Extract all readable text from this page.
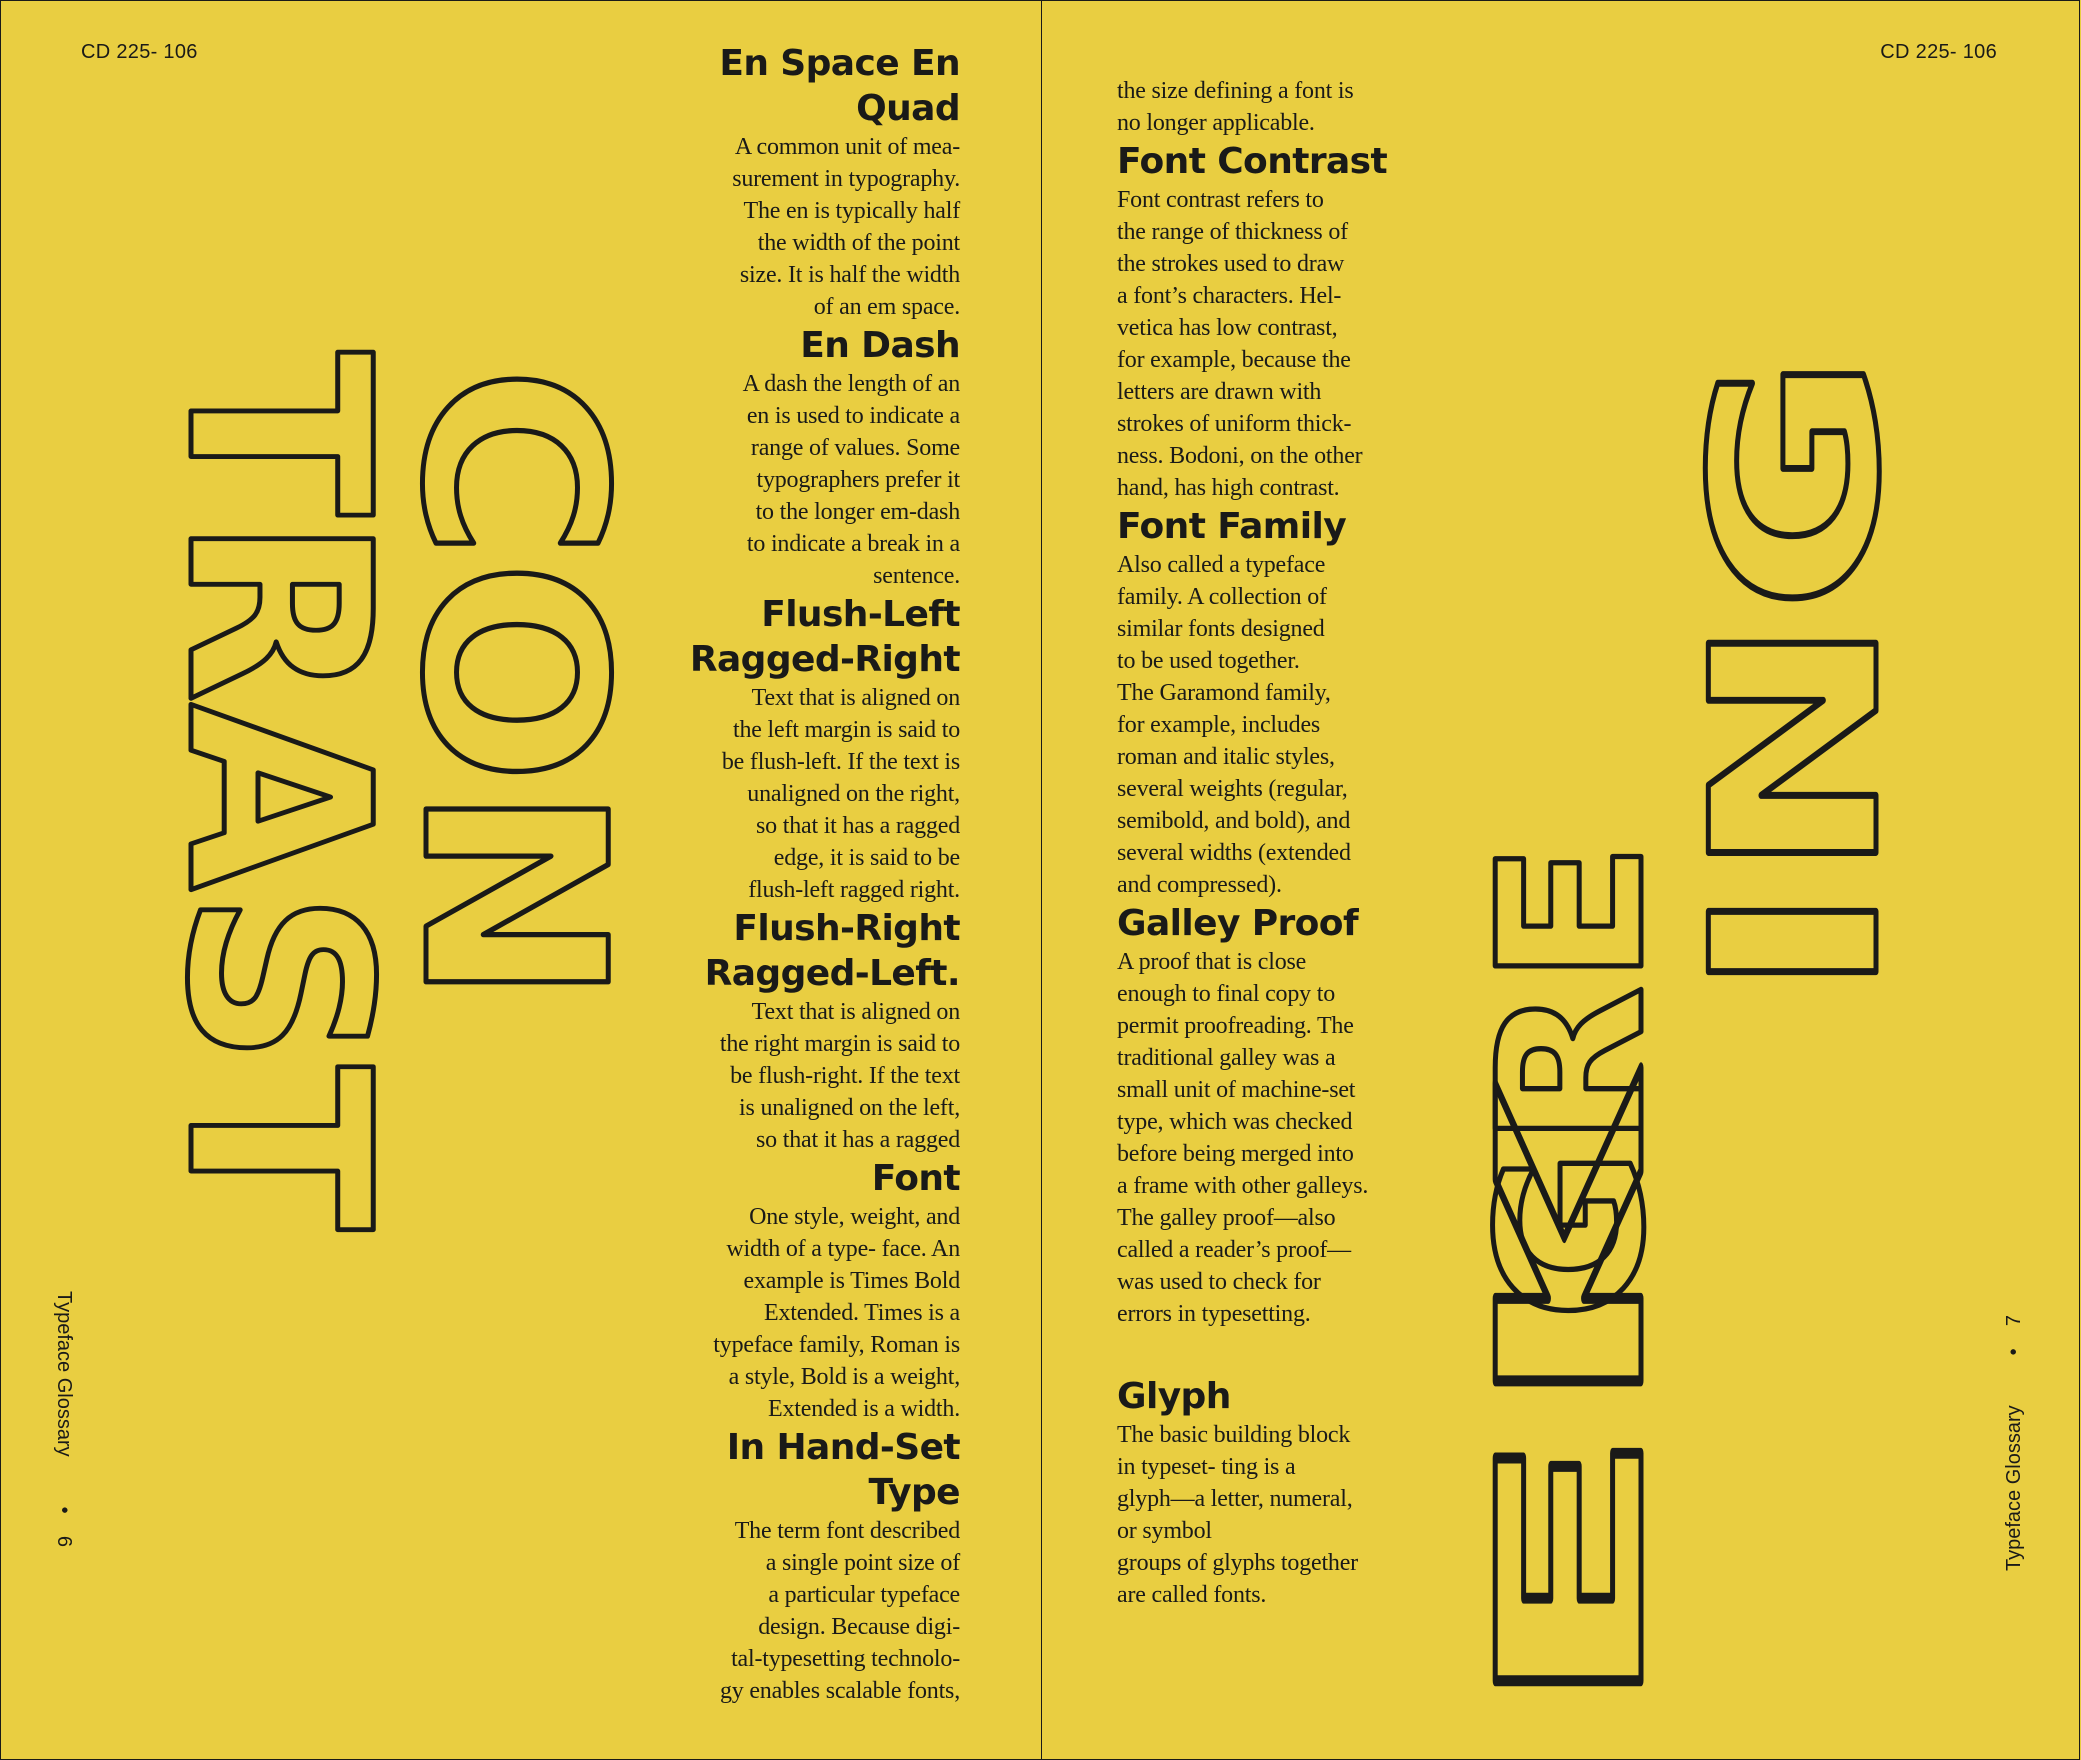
CD 225- 106	CD 225- 106
CON
TRAST	GRE
EK
ING
En Space En
Quad
A common unit of mea-
surement in typography.
The en is typically half
the width of the point
size. It is half the width
of an em space.
En Dash
A dash the length of an
en is used to indicate a
range of values. Some
typographers prefer it
to the longer em-dash
to indicate a break in a
sentence.
Flush-Left
Ragged-Right
Text that is aligned on
the left margin is said to
be flush-left. If the text is
unaligned on the right,
so that it has a ragged
edge, it is said to be
flush-left ragged right.
Flush-Right
Ragged-Left.
Text that is aligned on
the right margin is said to
be flush-right. If the text
is unaligned on the left,
so that it has a ragged
Font
One style, weight, and
width of a type- face. An
example is Times Bold
Extended. Times is a
typeface family, Roman is
a style, Bold is a weight,
Extended is a width.
In Hand-Set
Type
The term font described
a single point size of
a particular typeface
design. Because digi-
tal-typesetting technolo-
gy enables scalable fonts,
the size defining a font is
no longer applicable.
Font Contrast
Font contrast refers to
the range of thickness of
the strokes used to draw
a font’s characters. Hel-
vetica has low contrast,
for example, because the
letters are drawn with
strokes of uniform thick-
ness. Bodoni, on the other
hand, has high contrast.
Font Family
Also called a typeface
family. A collection of
similar fonts designed
to be used together.
The Garamond family,
for example, includes
roman and italic styles,
several weights (regular,
semibold, and bold), and
several widths (extended
and compressed).
Galley Proof
A proof that is close
enough to final copy to
permit proofreading. The
traditional galley was a
small unit of machine-set
type, which was checked
before being merged into
a frame with other galleys.
The galley proof—also
called a reader’s proof—
was used to check for
errors in typesetting.
Glyph
The basic building block
in typeset- ting is a
glyph—a letter, numeral,
or symbol
groups of glyphs together
are called fonts.
Typeface Glossary•    6	Typeface Glossary•    7
